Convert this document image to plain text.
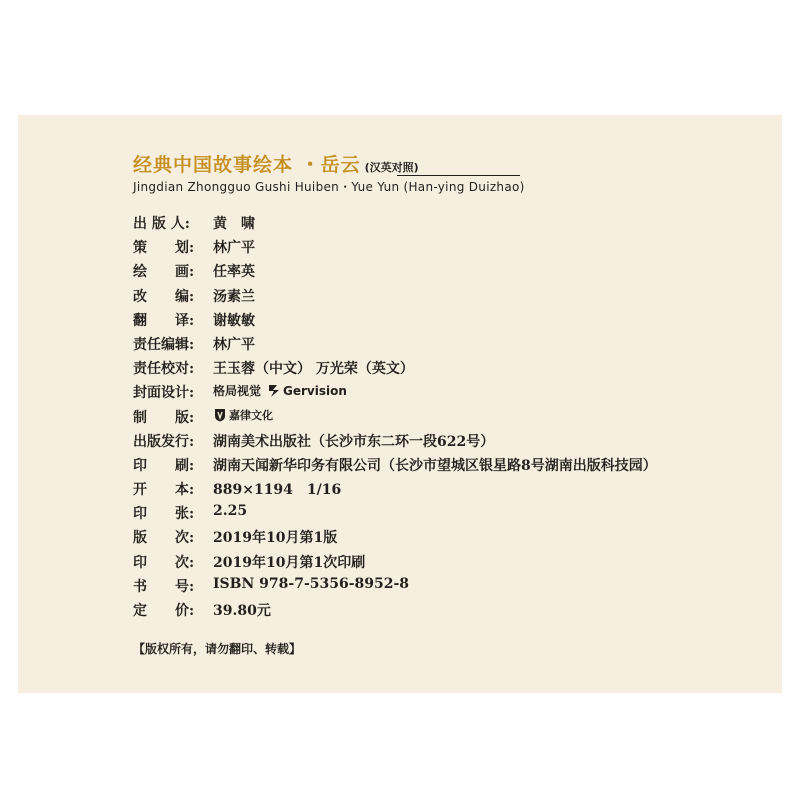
经典中国故事绘本 ・岳云 (汉英对照)
Jingdian Zhongguo Gushi Huiben・Yue Yun (Han-ying Duizhao)
出 版 人:	黄　啸
策　　划:	林广平
绘　　画:	任率英
改　　编:	汤素兰
翻　　译:	谢敏敏
责任编辑:	林广平
责任校对:	王玉蓉（中文） 万光荣（英文）
封面设计:	格局视觉 Gervision
制　　版:	嘉律文化
出版发行:	湖南美术出版社（长沙市东二环一段622号）
印　　刷:	湖南天闻新华印务有限公司（长沙市望城区银星路8号湖南出版科技园）
开　　本:	889×1194　1/16
印　　张:	2.25
版　　次:	2019年10月第1版
印　　次:	2019年10月第1次印刷
书　　号:	ISBN 978-7-5356-8952-8
定　　价:	39.80元
【版权所有，请勿翻印、转载】
